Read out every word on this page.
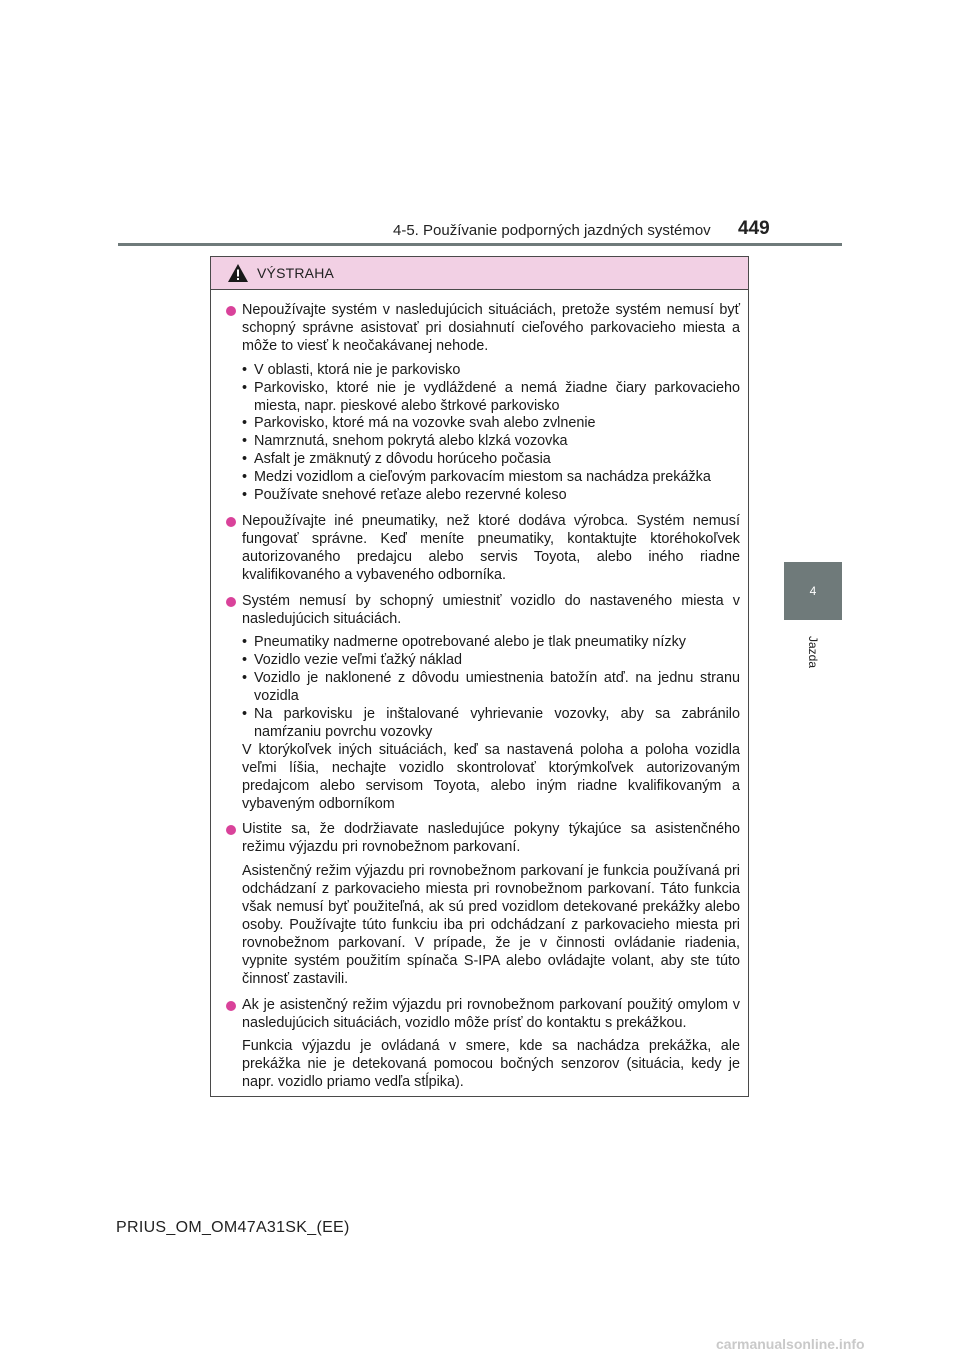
4-5. Používanie podporných jazdných systémov 449
4
Jazda
VÝSTRAHA
Nepoužívajte systém v nasledujúcich situáciách, pretože systém nemusí byť schopný správne asistovať pri dosiahnutí cieľového parkovacieho miesta a môže to viesť k neočakávanej nehode.
• V oblasti, ktorá nie je parkovisko
• Parkovisko, ktoré nie je vydláždené a nemá žiadne čiary parkovacieho miesta, napr. pieskové alebo štrkové parkovisko
• Parkovisko, ktoré má na vozovke svah alebo zvlnenie
• Namrznutá, snehom pokrytá alebo klzká vozovka
• Asfalt je zmäknutý z dôvodu horúceho počasia
• Medzi vozidlom a cieľovým parkovacím miestom sa nachádza prekážka
• Používate snehové reťaze alebo rezervné koleso
Nepoužívajte iné pneumatiky, než ktoré dodáva výrobca. Systém nemusí fungovať správne. Keď meníte pneumatiky, kontaktujte ktoréhokoľvek autorizovaného predajcu alebo servis Toyota, alebo iného riadne kvalifikovaného a vybaveného odborníka.
Systém nemusí by schopný umiestniť vozidlo do nastaveného miesta v nasledujúcich situáciách.
• Pneumatiky nadmerne opotrebované alebo je tlak pneumatiky nízky
• Vozidlo vezie veľmi ťažký náklad
• Vozidlo je naklonené z dôvodu umiestnenia batožín atď. na jednu stranu vozidla
• Na parkovisku je inštalované vyhrievanie vozovky, aby sa zabránilo namŕzaniu povrchu vozovky
V ktorýkoľvek iných situáciách, keď sa nastavená poloha a poloha vozidla veľmi líšia, nechajte vozidlo skontrolovať ktorýmkoľvek autorizovaným predajcom alebo servisom Toyota, alebo iným riadne kvalifikovaným a vybaveným odborníkom
Uistite sa, že dodržiavate nasledujúce pokyny týkajúce sa asistenčného režimu výjazdu pri rovnobežnom parkovaní.
Asistenčný režim výjazdu pri rovnobežnom parkovaní je funkcia používaná pri odchádzaní z parkovacieho miesta pri rovnobežnom parkovaní. Táto funkcia však nemusí byť použiteľná, ak sú pred vozidlom detekované prekážky alebo osoby. Používajte túto funkciu iba pri odchádzaní z parkovacieho miesta pri rovnobežnom parkovaní. V prípade, že je v činnosti ovládanie riadenia, vypnite systém použitím spínača S-IPA alebo ovládajte volant, aby ste túto činnosť zastavili.
Ak je asistenčný režim výjazdu pri rovnobežnom parkovaní použitý omylom v nasledujúcich situáciách, vozidlo môže prísť do kontaktu s prekážkou.
Funkcia výjazdu je ovládaná v smere, kde sa nachádza prekážka, ale prekážka nie je detekovaná pomocou bočných senzorov (situácia, kedy je napr. vozidlo priamo vedľa stĺpika).
PRIUS_OM_OM47A31SK_(EE)
carmanualsonline.info
